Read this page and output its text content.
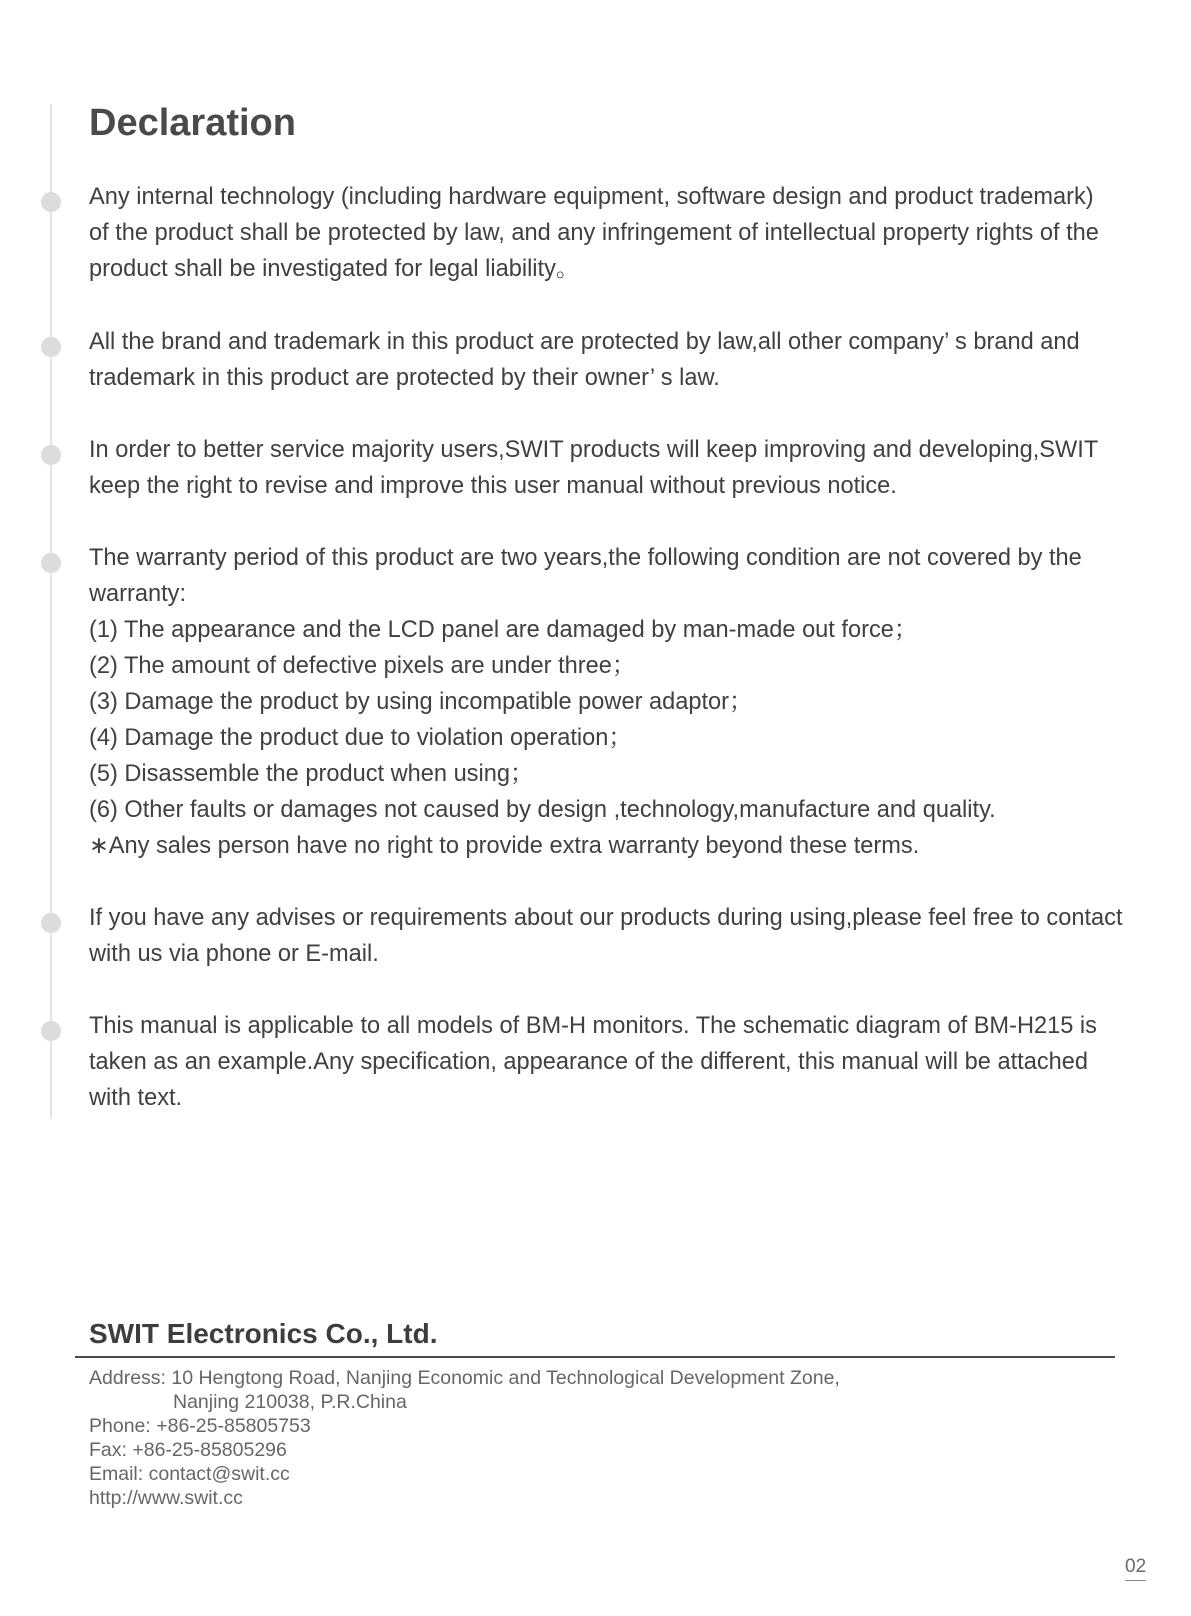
Declaration

Any internal technology (including hardware equipment, software design and product trademark)
of the product shall be protected by law, and any infringement of intellectual property rights of the
product shall be investigated for legal liability。

All the brand and trademark in this product are protected by law,all other company’ s brand and
trademark in this product are protected by their owner’ s law.

In order to better service majority users,SWIT products will keep improving and developing,SWIT
keep the right to revise and improve this user manual without previous notice.

The warranty period of this product are two years,the following condition are not covered by the
warranty:
(1) The appearance and the LCD panel are damaged by man-made out force；
(2) The amount of defective pixels are under three；
(3) Damage the product by using incompatible power adaptor；
(4) Damage the product due to violation operation；
(5) Disassemble the product when using；
(6) Other faults or damages not caused by design ,technology,manufacture and quality.
∗Any sales person have no right to provide extra warranty beyond these terms.

If you have any advises or requirements about our products during using,please feel free to contact
with us via phone or E-mail.

This manual is applicable to all models of BM-H monitors. The schematic diagram of BM-H215 is
taken as an example.Any specification, appearance of the different, this manual will be attached
with text.

SWIT Electronics Co., Ltd.
Address: 10 Hengtong Road, Nanjing Economic and Technological Development Zone,
Nanjing 210038, P.R.China
Phone: +86-25-85805753
Fax: +86-25-85805296
Email: contact@swit.cc
http://www.swit.cc
02
